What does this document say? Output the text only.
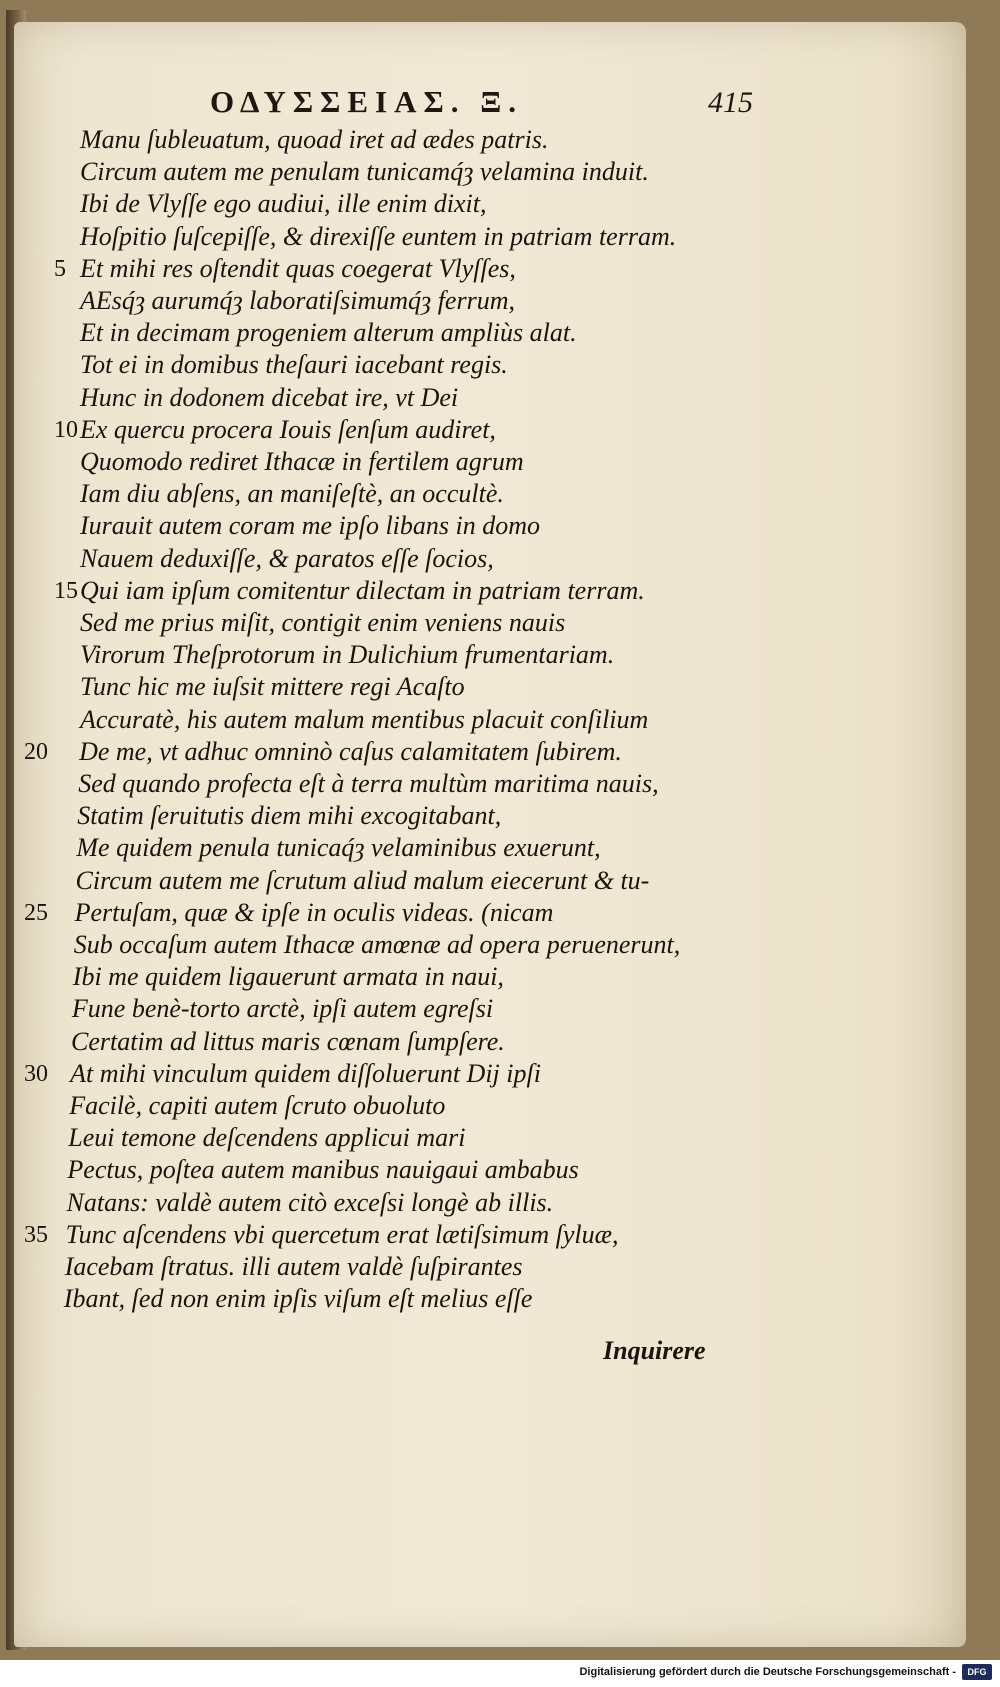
ΟΔΥΣΣΕΙΑΣ. Ξ.	415
Manu ſubleuatum, quoad iret ad ædes patris.
Circum autem me penulam tunicamq́ȝ velamina induit.
Ibi de Vlyſſe ego audiui, ille enim dixit,
Hoſpitio ſuſcepiſſe, & direxiſſe euntem in patriam terram.
5 Et mihi res oſtendit quas coegerat Vlyſſes,
AEsq́ȝ aurumq́ȝ laboratiſsimumq́ȝ ferrum,
Et in decimam progeniem alterum ampliùs alat.
Tot ei in domibus theſauri iacebant regis.
Hunc in dodonem dicebat ire, vt Dei
10 Ex quercu procera Iouis ſenſum audiret,
Quomodo rediret Ithacæ in fertilem agrum
Iam diu abſens, an maniſeſtè, an occultè.
Iurauit autem coram me ipſo libans in domo
Nauem deduxiſſe, & paratos eſſe ſocios,
15 Qui iam ipſum comitentur dilectam in patriam terram.
Sed me prius miſit, contigit enim veniens nauis
Virorum Theſprotorum in Dulichium frumentariam.
Tunc hic me iuſsit mittere regi Acaſto
Accuratè, his autem malum mentibus placuit conſilium
20	De me, vt adhuc omninò caſus calamitatem ſubirem.
Sed quando profecta eſt à terra multùm maritima nauis,
Statim ſeruitutis diem mihi excogitabant,
Me quidem penula tunicaq́ȝ velaminibus exuerunt,
Circum autem me ſcrutum aliud malum eiecerunt & tu-
25	Pertuſam, quæ & ipſe in oculis videas. (nicam
Sub occaſum autem Ithacæ amœnæ ad opera peruenerunt,
Ibi me quidem ligauerunt armata in naui,
Fune benè-torto arctè, ipſi autem egreſsi
Certatim ad littus maris cœnam ſumpſere.
30 At mihi vinculum quidem diſſoluerunt Dij ipſi
Facilè, capiti autem ſcruto obuoluto
Leui temone deſcendens applicui mari
Pectus, poſtea autem manibus nauigaui ambabus
Natans: valdè autem citò exceſsi longè ab illis.
35 Tunc aſcendens vbi quercetum erat lætiſsimum ſyluæ,
Iacebam ſtratus. illi autem valdè ſuſpirantes
Ibant, ſed non enim ipſis viſum eſt melius eſſe
Inquirere
Digitalisierung gefördert durch die Deutsche Forschungsgemeinschaft -	DFG
